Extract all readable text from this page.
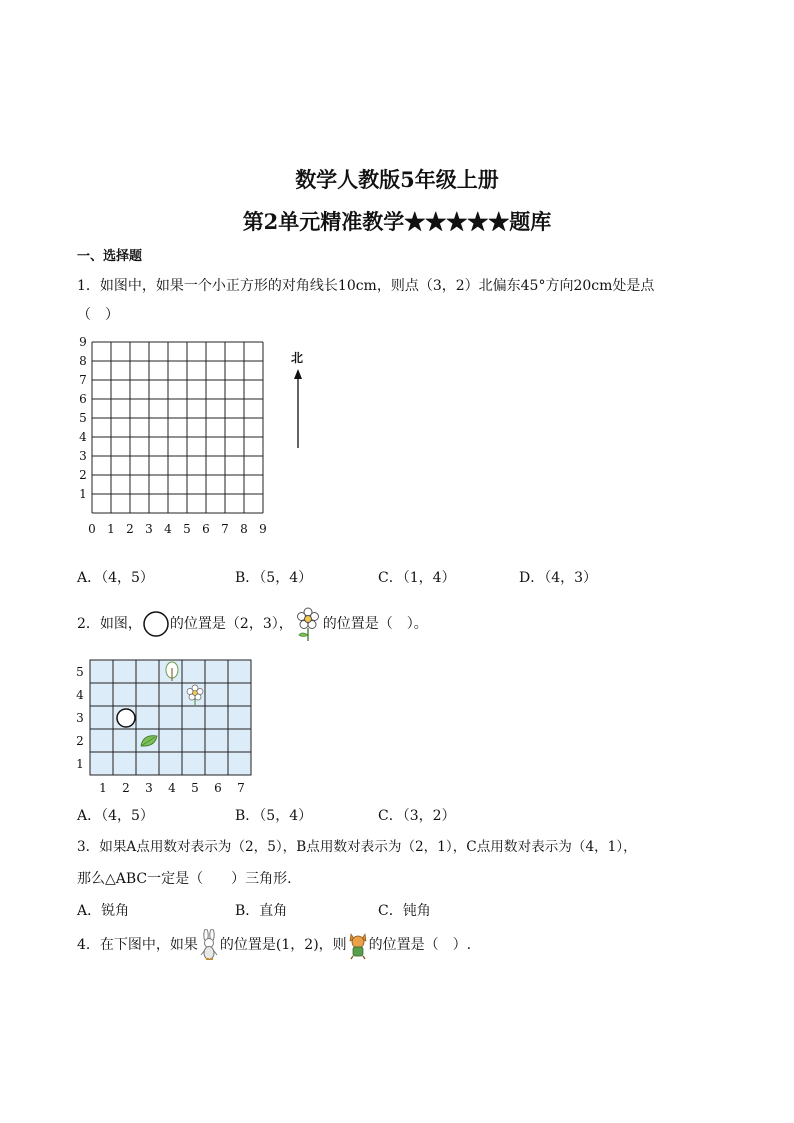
数学人教版5年级上册
第2单元精准教学★★★★★题库
一、选择题
1．如图中，如果一个小正方形的对角线长10cm，则点（3，2）北偏东45°方向20cm处是点
（　）
0 1 2 3 4 5 6 7 8 9
1
2
3
4
5
6
7
8
9
北
A．（4，5）	B．（5，4）	C．（1，4）	D．（4，3）
2．如图， 的位置是（2，3）， 的位置是（　）。
1 2 3 4 5 6 7
1
2
3
4
5
A．（4，5）	B．（5，4）	C．（3，2）
3．如果A点用数对表示为（2，5），B点用数对表示为（2，1），C点用数对表示为（4，1），
那么△ABC一定是（　　）三角形.
A．锐角	B．直角	C．钝角
4．在下图中，如果 的位置是(1，2)，则 的位置是（　）.
